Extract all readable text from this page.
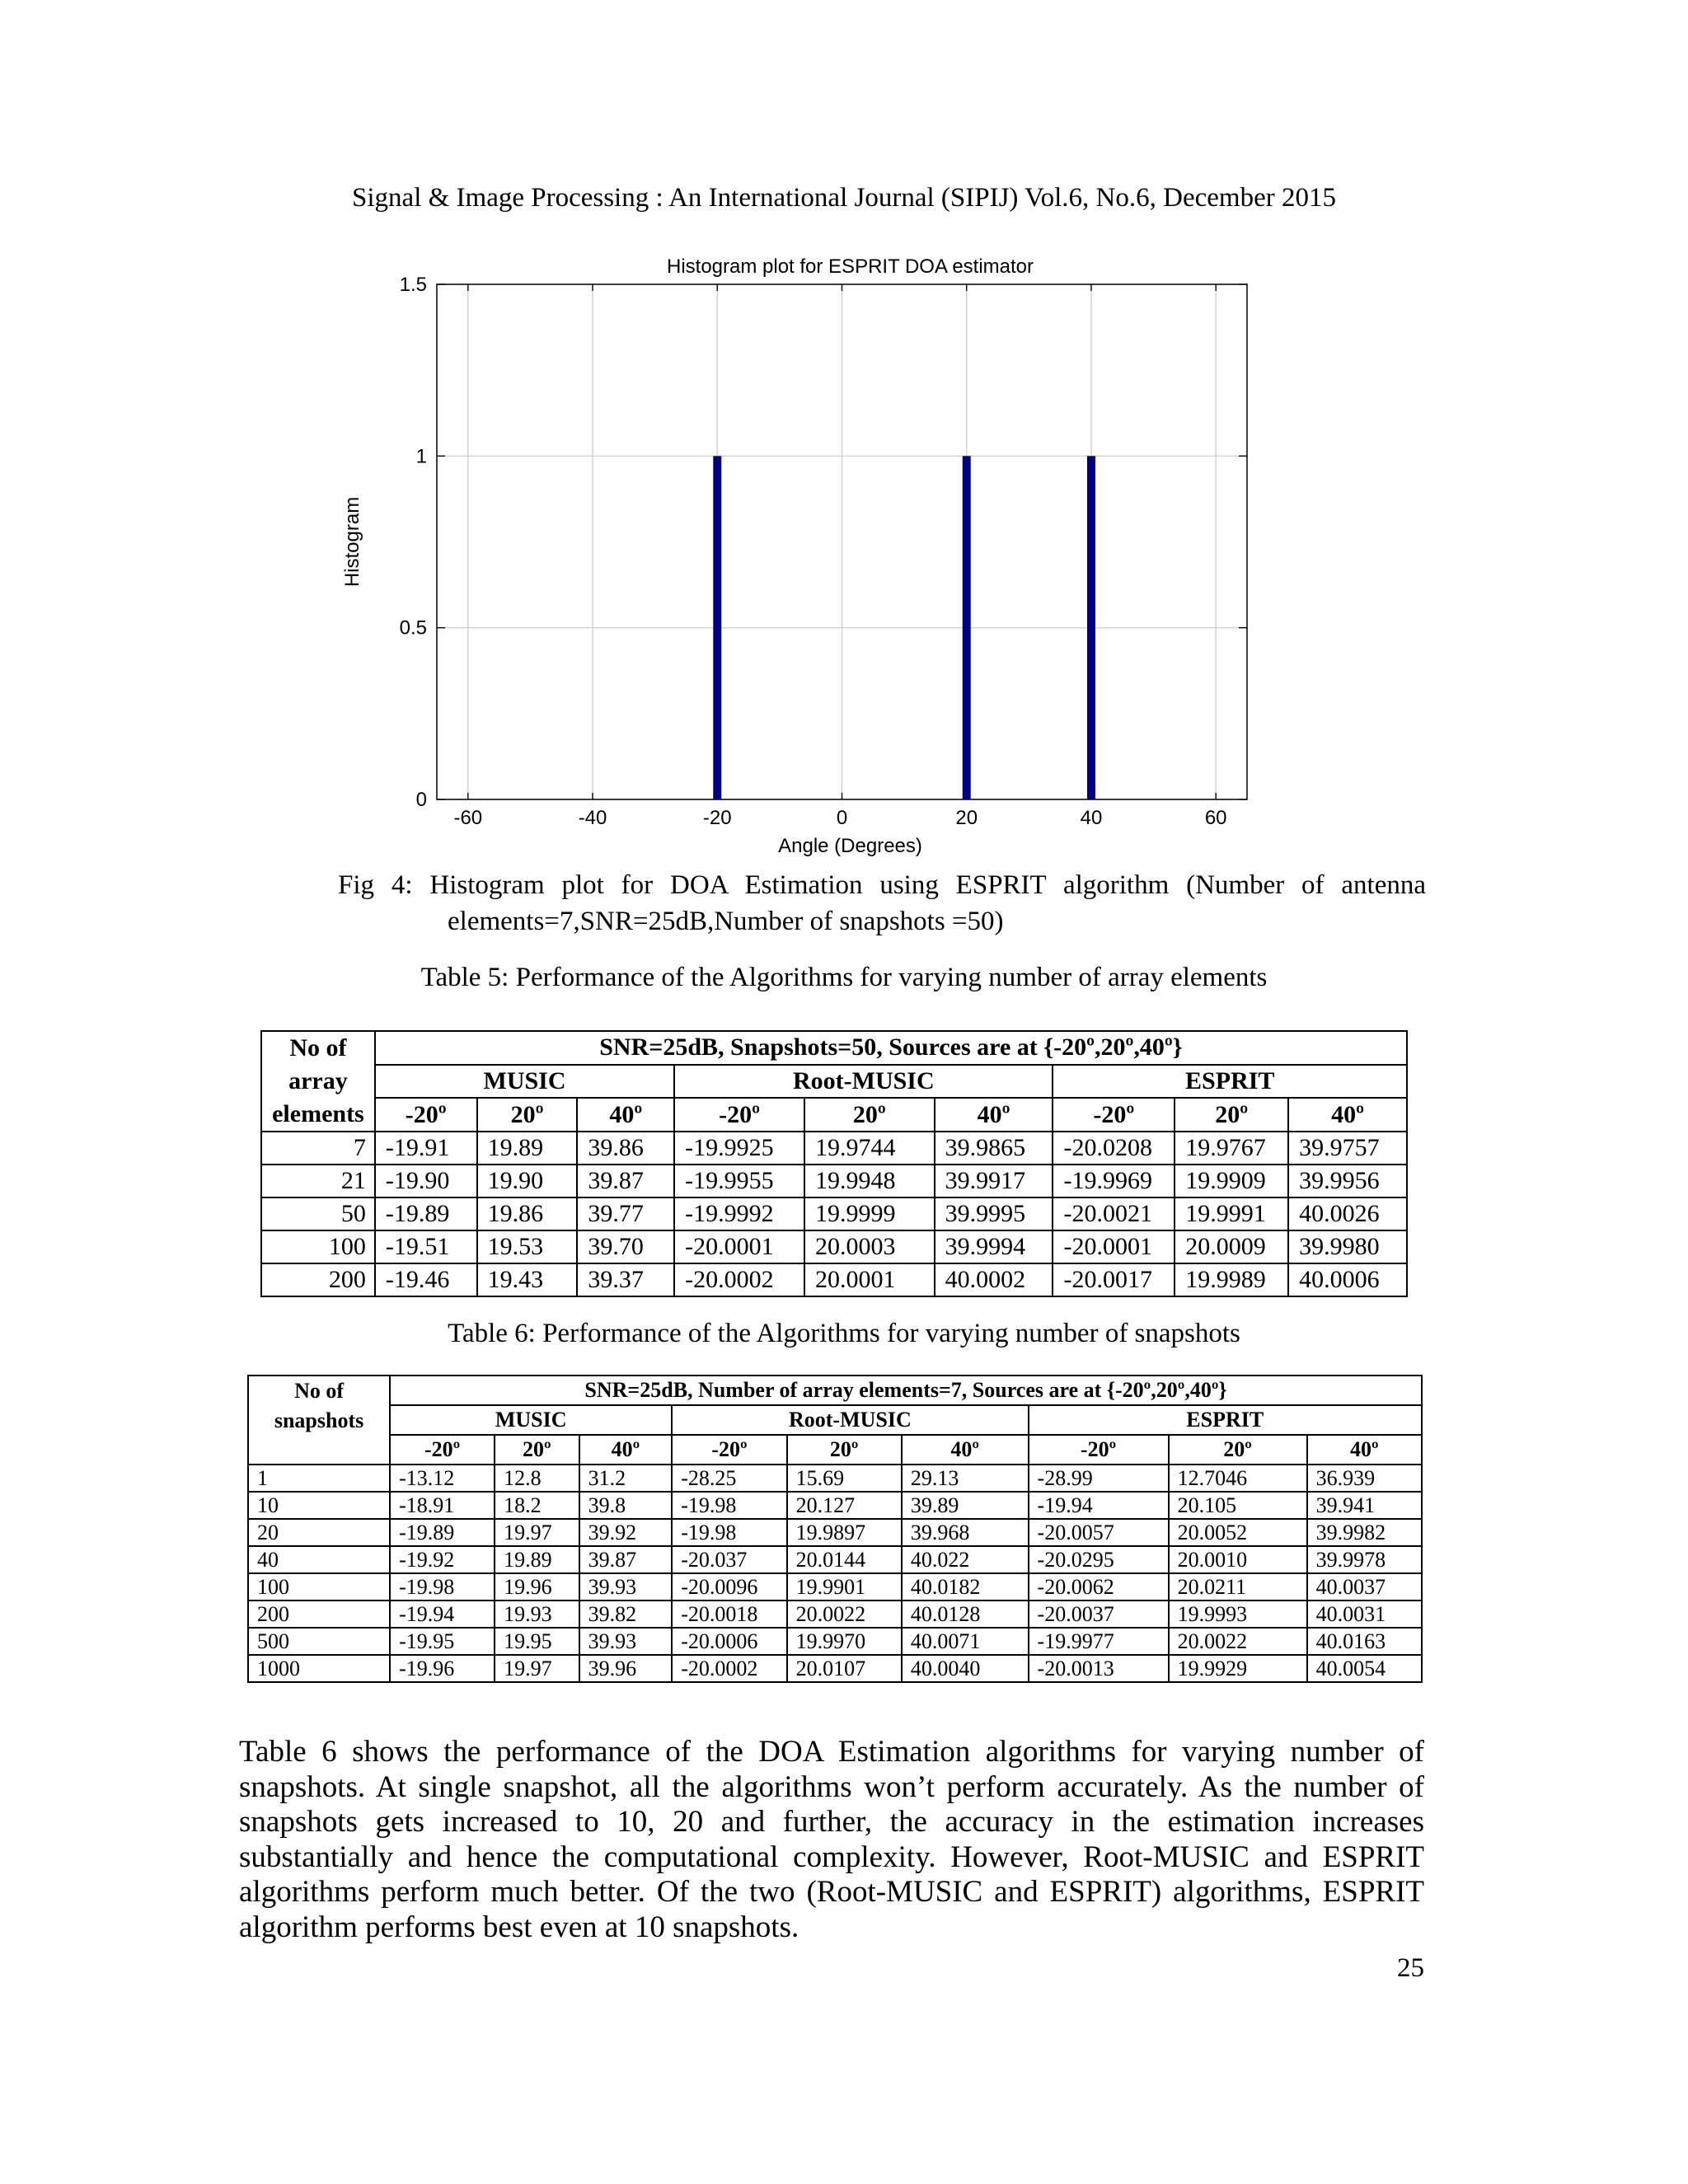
Signal & Image Processing : An International Journal (SIPIJ) Vol.6, No.6, December 2015
-60	-40	-20	0	20	40	60
0
0.5
1
1.5
Histogram plot for ESPRIT DOA estimator
Angle (Degrees)
Histogram
Fig 4: Histogram plot for DOA Estimation using ESPRIT algorithm (Number of antenna
elements=7,SNR=25dB,Number of snapshots =50)
Table 5: Performance of the Algorithms for varying number of array elements
No of
array
elements	SNR=25dB, Snapshots=50, Sources are at {-20º,20º,40º}								
	MUSIC			Root-MUSIC			ESPRIT		
	-20º	20º	40º	-20º	20º	40º	-20º	20º	40º
7	-19.91	19.89	39.86	-19.9925	19.9744	39.9865	-20.0208	19.9767	39.9757
21	-19.90	19.90	39.87	-19.9955	19.9948	39.9917	-19.9969	19.9909	39.9956
50	-19.89	19.86	39.77	-19.9992	19.9999	39.9995	-20.0021	19.9991	40.0026
100	-19.51	19.53	39.70	-20.0001	20.0003	39.9994	-20.0001	20.0009	39.9980
200	-19.46	19.43	39.37	-20.0002	20.0001	40.0002	-20.0017	19.9989	40.0006
Table 6: Performance of the Algorithms for varying number of snapshots
No of
snapshots	SNR=25dB, Number of array elements=7, Sources are at {-20º,20º,40º}								
	MUSIC			Root-MUSIC			ESPRIT		
	-20º	20º	40º	-20º	20º	40º	-20º	20º	40º
1	-13.12	12.8	31.2	-28.25	15.69	29.13	-28.99	12.7046	36.939
10	-18.91	18.2	39.8	-19.98	20.127	39.89	-19.94	20.105	39.941
20	-19.89	19.97	39.92	-19.98	19.9897	39.968	-20.0057	20.0052	39.9982
40	-19.92	19.89	39.87	-20.037	20.0144	40.022	-20.0295	20.0010	39.9978
100	-19.98	19.96	39.93	-20.0096	19.9901	40.0182	-20.0062	20.0211	40.0037
200	-19.94	19.93	39.82	-20.0018	20.0022	40.0128	-20.0037	19.9993	40.0031
500	-19.95	19.95	39.93	-20.0006	19.9970	40.0071	-19.9977	20.0022	40.0163
1000	-19.96	19.97	39.96	-20.0002	20.0107	40.0040	-20.0013	19.9929	40.0054
Table 6 shows the performance of the DOA Estimation algorithms for varying number of snapshots. At single snapshot, all the algorithms won’t perform accurately. As the number of snapshots gets increased to 10, 20 and further, the accuracy in the estimation increases substantially and hence the computational complexity. However, Root-MUSIC and ESPRIT algorithms perform much better. Of the two (Root-MUSIC and ESPRIT) algorithms, ESPRIT algorithm performs best even at 10 snapshots.
25
